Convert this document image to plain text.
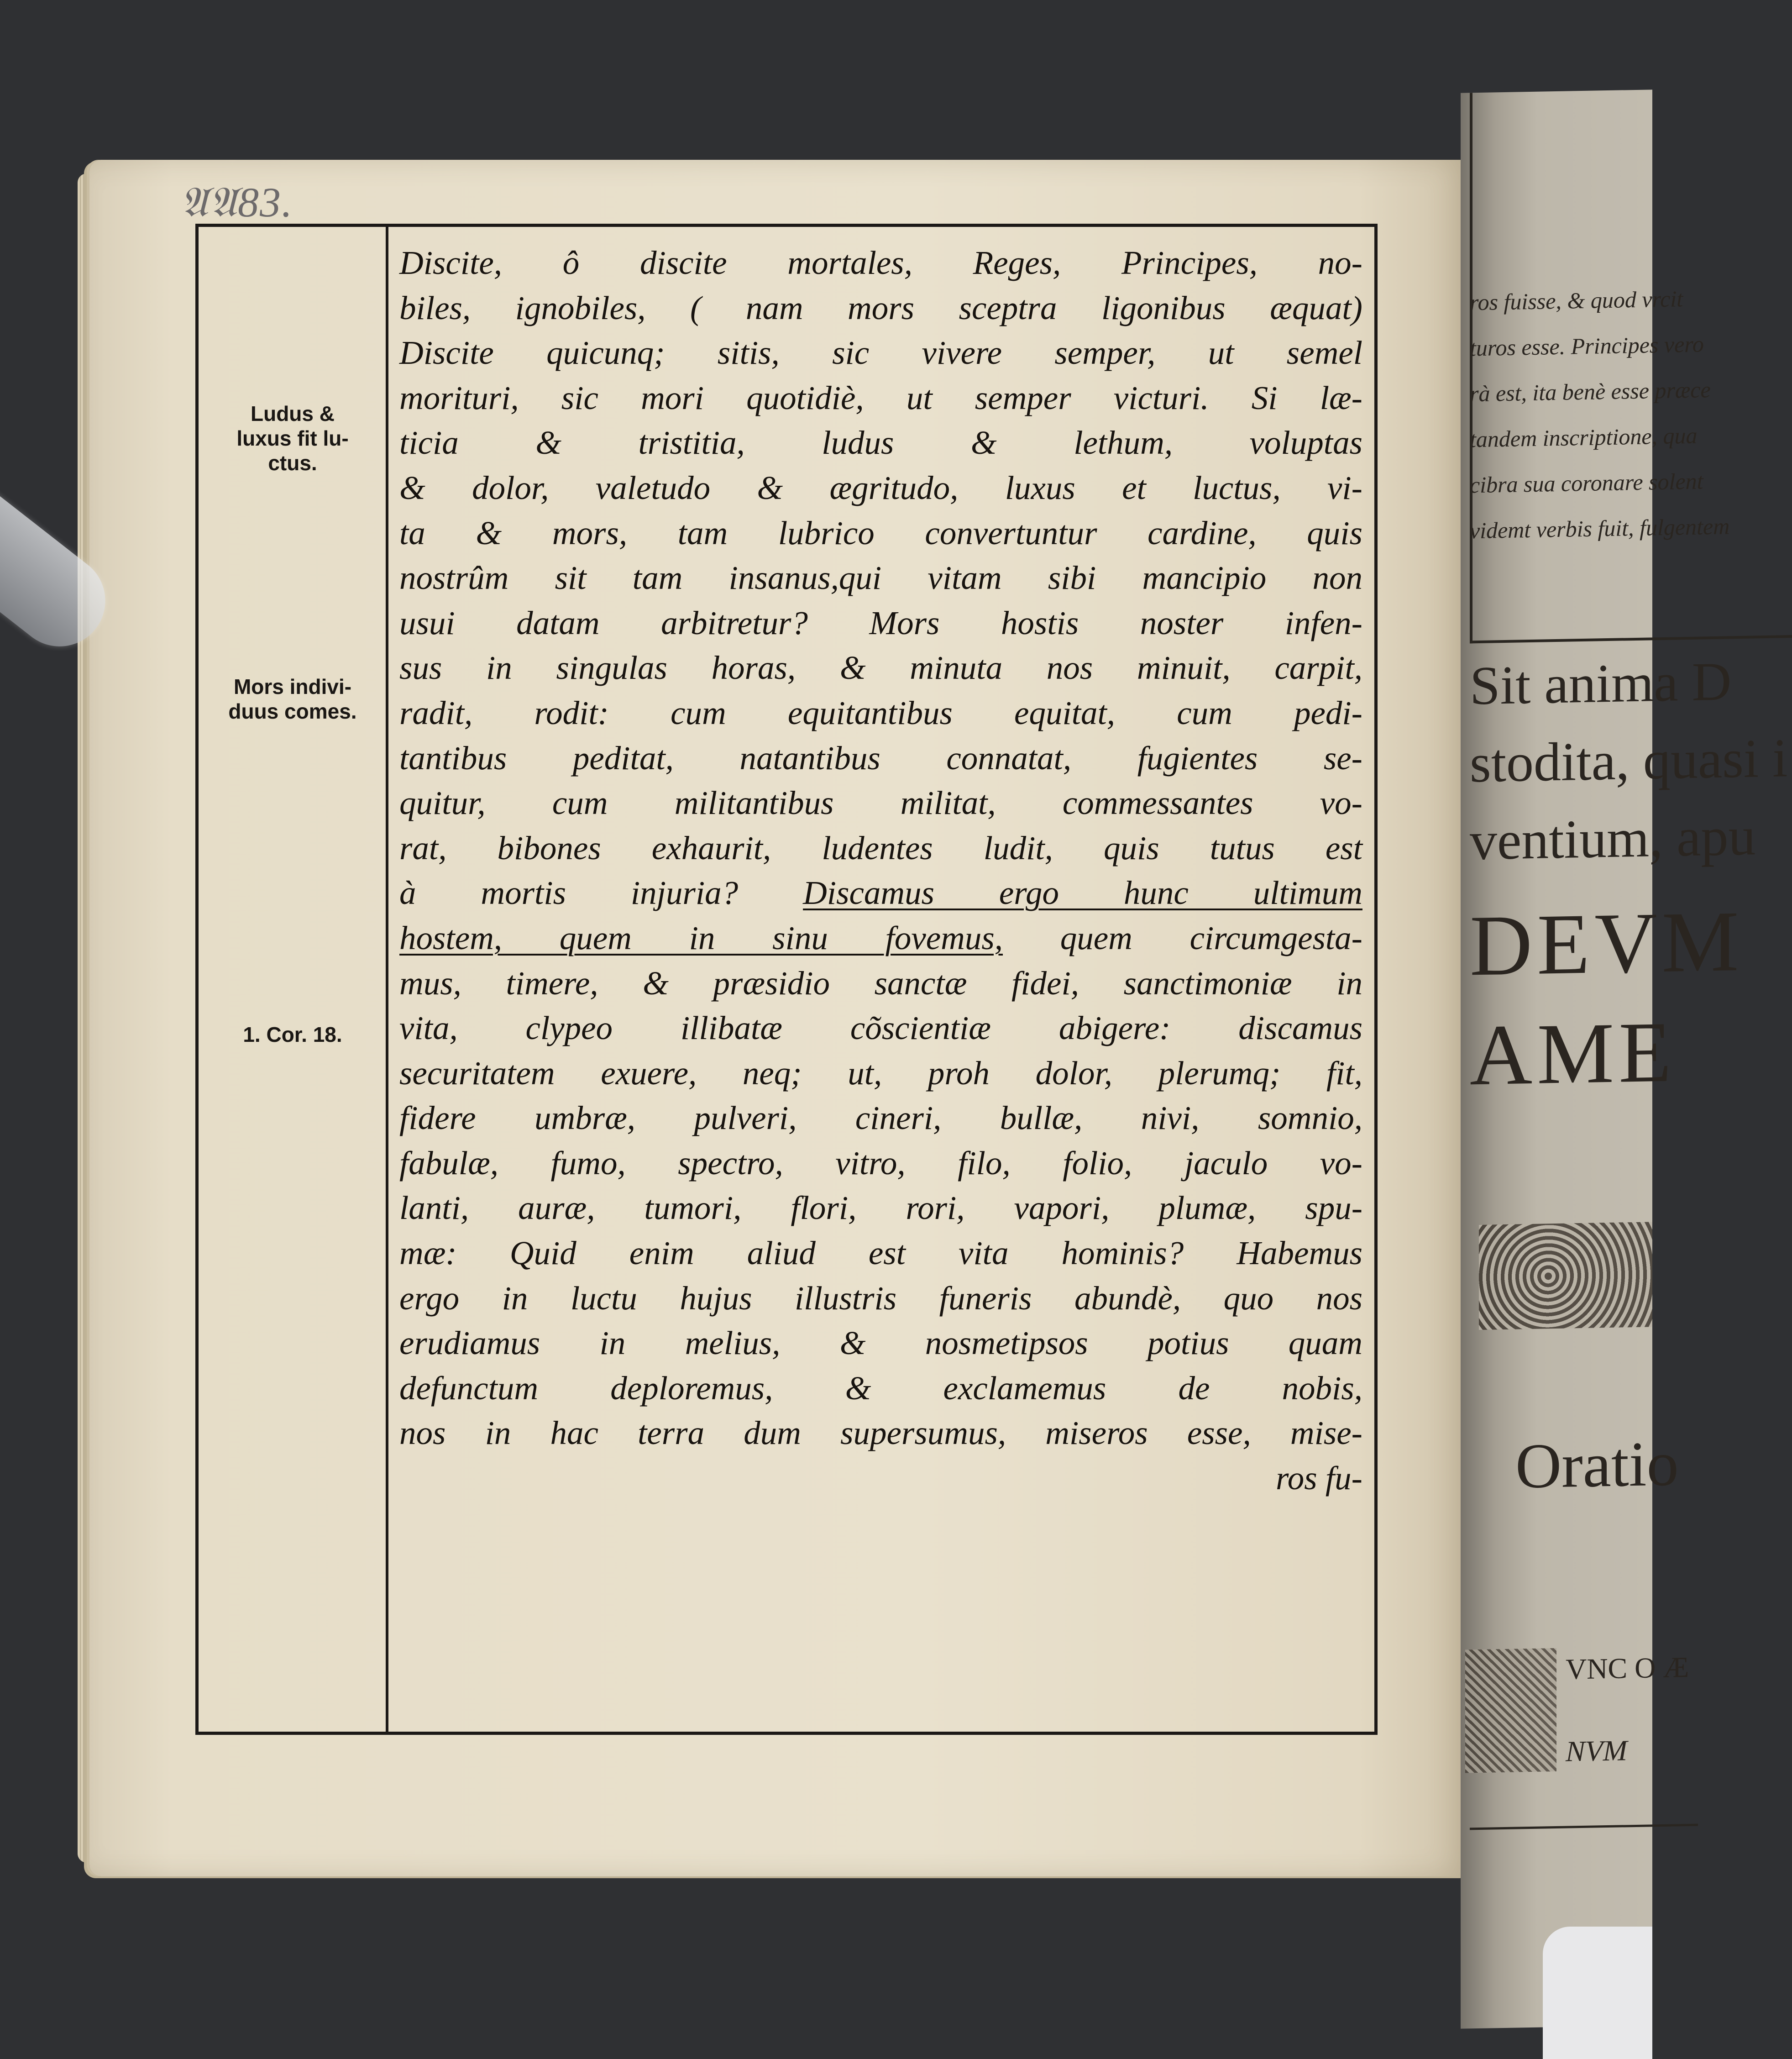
𝔄𝔄83.
Ludus &
luxus fit lu-
ctus.
Mors indivi-
duus comes.
1. Cor. 18.
Discite, ô discite mortales, Reges, Principes, no-
biles, ignobiles, ( nam mors sceptra ligonibus æquat)
Discite quicunq; sitis, sic vivere semper, ut semel
morituri, sic mori quotidiè, ut semper victuri. Si læ-
ticia & tristitia, ludus & lethum, voluptas
& dolor, valetudo & ægritudo, luxus et luctus, vi-
ta & mors, tam lubrico convertuntur cardine, quis
nostrûm sit tam insanus,qui vitam sibi mancipio non
usui datam arbitretur? Mors hostis noster infen-
sus in singulas horas, & minuta nos minuit, carpit,
radit, rodit: cum equitantibus equitat, cum pedi-
tantibus peditat, natantibus connatat, fugientes se-
quitur, cum militantibus militat, commessantes vo-
rat, bibones exhaurit, ludentes ludit, quis tutus est
à mortis injuria? Discamus ergo hunc ultimum
hostem, quem in sinu fovemus, quem circumgesta-
mus, timere, & præsidio sanctæ fidei, sanctimoniæ in
vita, clypeo illibatæ cõscientiæ abigere: discamus
securitatem exuere, neq; ut, proh dolor, plerumq; fit,
fidere umbræ, pulveri, cineri, bullæ, nivi, somnio,
fabulæ, fumo, spectro, vitro, filo, folio, jaculo vo-
lanti, auræ, tumori, flori, rori, vapori, plumæ, spu-
mæ: Quid enim aliud est vita hominis? Habemus
ergo in luctu hujus illustris funeris abundè, quo nos
erudiamus in melius, & nosmetipsos potius quam
defunctum deploremus, & exclamemus de nobis,
nos in hac terra dum supersumus, miseros esse, mise-
ros fu-
ros fuisse, & quod vrcit
turos esse. Principes vero
rà est, ita benè esse præce
tandem inscriptione, qua
cibra sua coronare solent
videmt verbis fuit, fulgentem
Sit anima D
stodita, quasi i
ventium, apu
DEVM
AME
Oratio
VNC O Æ
NVM
